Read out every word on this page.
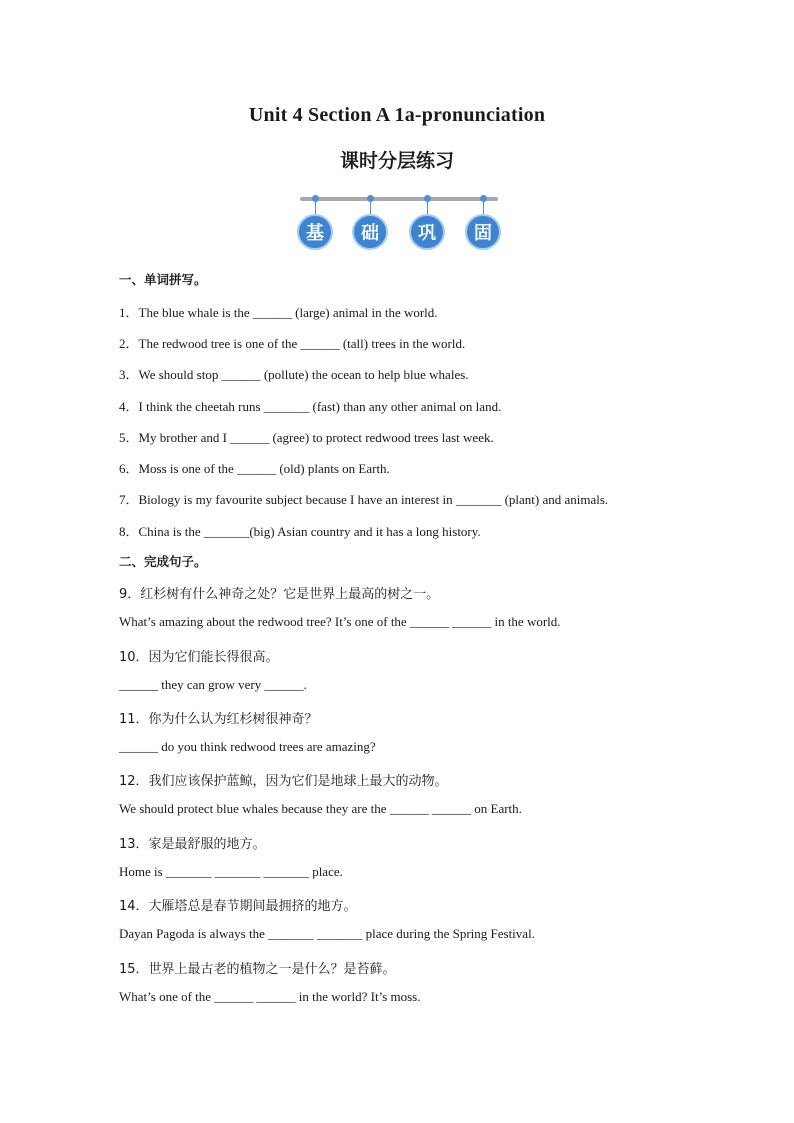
Unit 4 Section A 1a-pronunciation
课时分层练习
基	础	巩	固
一、单词拼写。
1．The blue whale is the ______ (large) animal in the world.
2．The redwood tree is one of the ______ (tall) trees in the world.
3．We should stop ______ (pollute) the ocean to help blue whales.
4．I think the cheetah runs _______ (fast) than any other animal on land.
5．My brother and I ______ (agree) to protect redwood trees last week.
6．Moss is one of the ______ (old) plants on Earth.
7．Biology is my favourite subject because I have an interest in _______ (plant) and animals.
8．China is the _______(big) Asian country and it has a long history.
二、完成句子。
9．红杉树有什么神奇之处？它是世界上最高的树之一。
What’s amazing about the redwood tree? It’s one of the ______ ______ in the world.
10．因为它们能长得很高。
______ they can grow very ______.
11．你为什么认为红杉树很神奇？
______ do you think redwood trees are amazing?
12．我们应该保护蓝鲸，因为它们是地球上最大的动物。
We should protect blue whales because they are the ______ ______ on Earth.
13．家是最舒服的地方。
Home is _______ _______ _______ place.
14．大雁塔总是春节期间最拥挤的地方。
Dayan Pagoda is always the _______ _______ place during the Spring Festival.
15．世界上最古老的植物之一是什么？是苔藓。
What’s one of the ______ ______ in the world? It’s moss.
